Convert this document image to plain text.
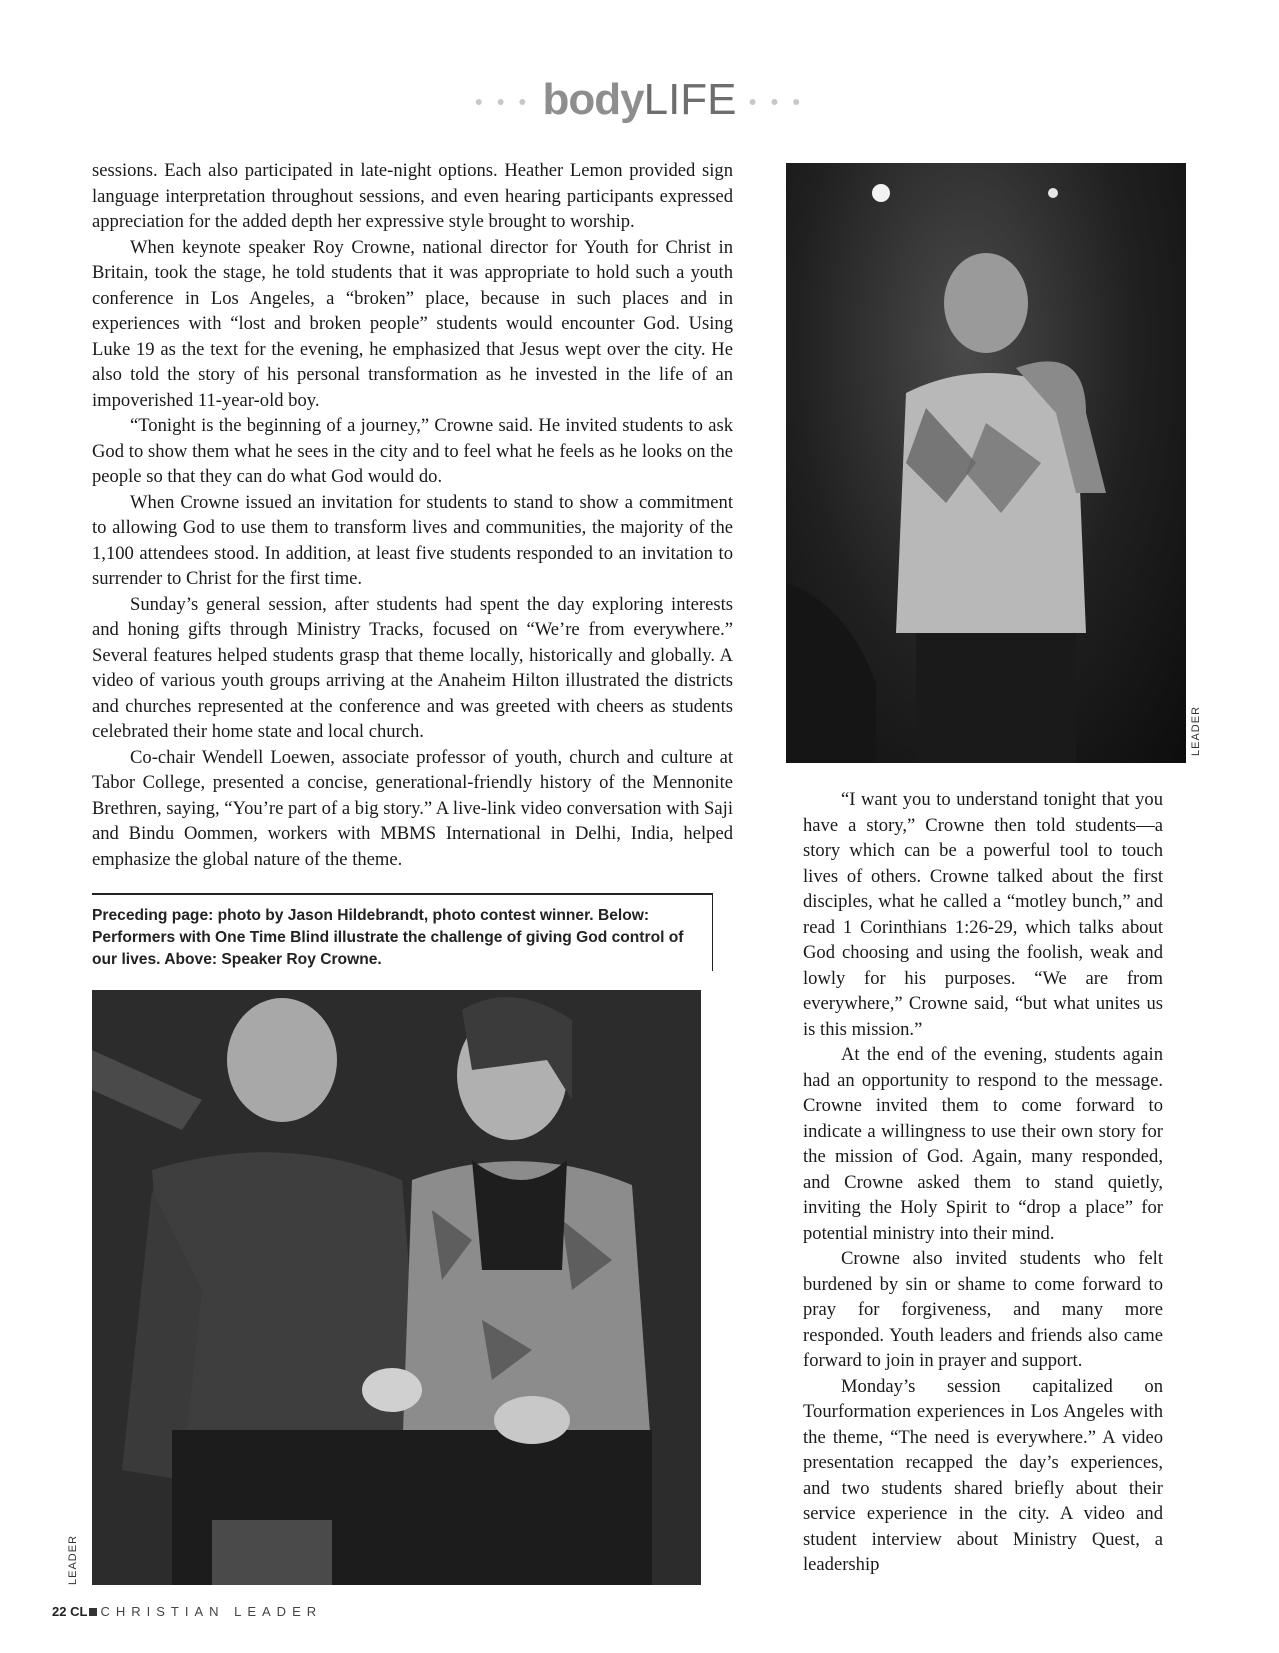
• • • bodyLIFE • • •

sessions. Each also participated in late-night options. Heather Lemon provided sign language interpretation throughout sessions, and even hearing participants expressed appreciation for the added depth her expressive style brought to worship.

When keynote speaker Roy Crowne, national director for Youth for Christ in Britain, took the stage, he told students that it was appropriate to hold such a youth conference in Los Angeles, a “broken” place, because in such places and in experiences with “lost and broken people” students would encounter God. Using Luke 19 as the text for the evening, he emphasized that Jesus wept over the city. He also told the story of his personal transformation as he invested in the life of an impoverished 11-year-old boy.

“Tonight is the beginning of a journey,” Crowne said. He invited students to ask God to show them what he sees in the city and to feel what he feels as he looks on the people so that they can do what God would do.

When Crowne issued an invitation for students to stand to show a commitment to allowing God to use them to transform lives and communities, the majority of the 1,100 attendees stood. In addition, at least five students responded to an invitation to surrender to Christ for the first time.

Sunday’s general session, after students had spent the day exploring interests and honing gifts through Ministry Tracks, focused on “We’re from everywhere.” Several features helped students grasp that theme locally, historically and globally. A video of various youth groups arriving at the Anaheim Hilton illustrated the districts and churches represented at the conference and was greeted with cheers as students celebrated their home state and local church.

Co-chair Wendell Loewen, associate professor of youth, church and culture at Tabor College, presented a concise, generational-friendly history of the Mennonite Brethren, saying, “You’re part of a big story.” A live-link video conversation with Saji and Bindu Oommen, workers with MBMS International in Delhi, India, helped emphasize the global nature of the theme.

LEADER
Preceding page: photo by Jason Hildebrandt, photo contest winner. Below: Performers with One Time Blind illustrate the challenge of giving God control of our lives. Above: Speaker Roy Crowne.
LEADER

“I want you to understand tonight that you have a story,” Crowne then told students—a story which can be a powerful tool to touch lives of others. Crowne talked about the first disciples, what he called a “motley bunch,” and read 1 Corinthians 1:26-29, which talks about God choosing and using the foolish, weak and lowly for his purposes. “We are from everywhere,” Crowne said, “but what unites us is this mission.”

At the end of the evening, students again had an opportunity to respond to the message. Crowne invited them to come forward to indicate a willingness to use their own story for the mission of God. Again, many responded, and Crowne asked them to stand quietly, inviting the Holy Spirit to “drop a place” for potential ministry into their mind.

Crowne also invited students who felt burdened by sin or shame to come forward to pray for forgiveness, and many more responded. Youth leaders and friends also came forward to join in prayer and support.

Monday’s session capitalized on Tourformation experiences in Los Angeles with the theme, “The need is everywhere.” A video presentation recapped the day’s experiences, and two students shared briefly about their service experience in the city. A video and student interview about Ministry Quest, a leadership

22 CL CHRISTIAN LEADER
